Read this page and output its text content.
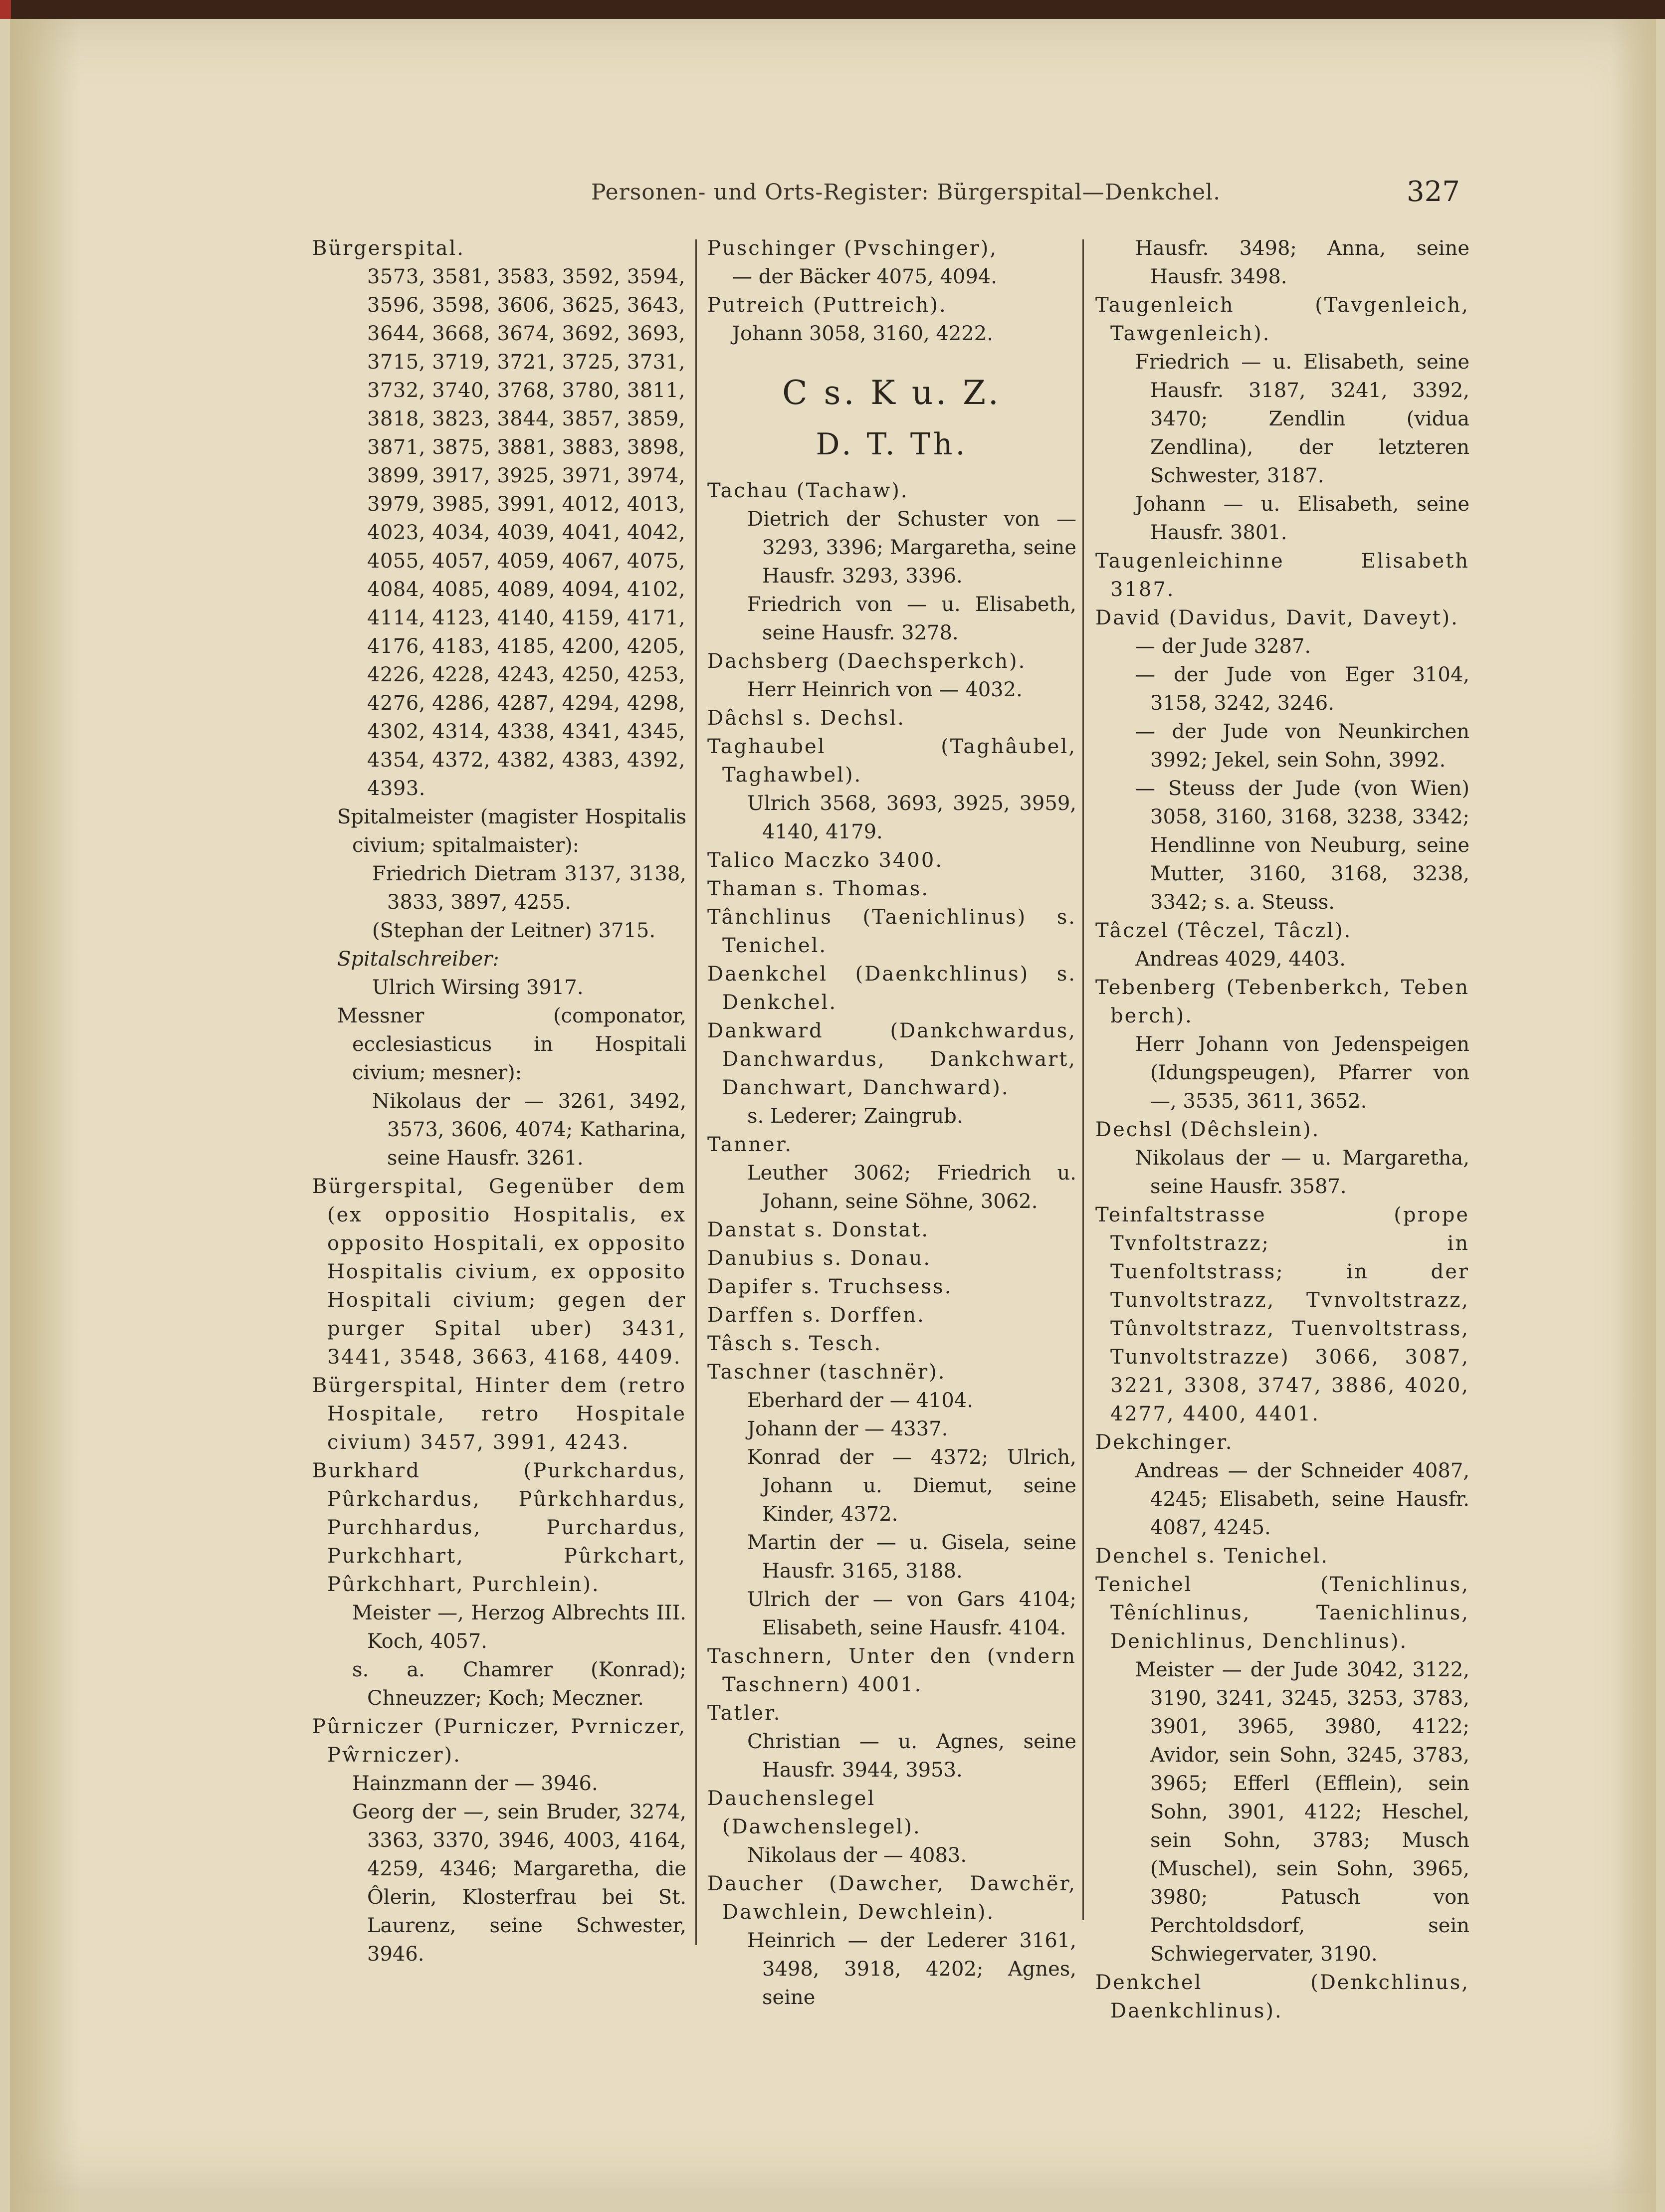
Personen- und Orts-Register: Bürgerspital—Denkchel.	327

Bürgerspital.

3573, 3581, 3583, 3592, 3594,

3596, 3598, 3606, 3625, 3643,

3644, 3668, 3674, 3692, 3693,

3715, 3719, 3721, 3725, 3731,

3732, 3740, 3768, 3780, 3811,

3818, 3823, 3844, 3857, 3859,

3871, 3875, 3881, 3883, 3898,

3899, 3917, 3925, 3971, 3974,

3979, 3985, 3991, 4012, 4013,

4023, 4034, 4039, 4041, 4042,

4055, 4057, 4059, 4067, 4075,

4084, 4085, 4089, 4094, 4102,

4114, 4123, 4140, 4159, 4171,

4176, 4183, 4185, 4200, 4205,

4226, 4228, 4243, 4250, 4253,

4276, 4286, 4287, 4294, 4298,

4302, 4314, 4338, 4341, 4345,

4354, 4372, 4382, 4383, 4392,

4393.

Spitalmeister (magister Hospitalis civium; spitalmaister):

Friedrich Dietram 3137, 3138, 3833, 3897, 4255.

(Stephan der Leitner) 3715.

Spitalschreiber:

Ulrich Wirsing 3917.

Messner (componator, ecclesiasticus in Hospitali civium; mesner):

Nikolaus der — 3261, 3492, 3573, 3606, 4074; Katharina, seine Hausfr. 3261.

Bürgerspital, Gegenüber dem (ex oppositio Hospitalis, ex opposito Hospitali, ex opposito Hospitalis civium, ex opposito Hospitali civium; gegen der purger Spital uber) 3431, 3441, 3548, 3663, 4168, 4409.

Bürgerspital, Hinter dem (retro Hospitale, retro Hospitale civium) 3457, 3991, 4243.

Burkhard (Purkchardus, Pûrkchardus, Pûrkchhardus, Purchhardus, Purchardus, Purkchhart, Pûrkchart, Pûrkchhart, Purchlein).

Meister —, Herzog Albrechts III. Koch, 4057.

s. a. Chamrer (Konrad); Chneuzzer; Koch; Meczner.

Pûrniczer (Purniczer, Pvrniczer, Pŵrniczer).

Hainzmann der — 3946.

Georg der —, sein Bruder, 3274, 3363, 3370, 3946, 4003, 4164, 4259, 4346; Margaretha, die Ôlerin, Klosterfrau bei St. Laurenz, seine Schwester, 3946.

Puschinger (Pvschinger),

— der Bäcker 4075, 4094.

Putreich (Puttreich).

Johann 3058, 3160, 4222.

C s. K u. Z.
D. T. Th.

Tachau (Tachaw).

Dietrich der Schuster von — 3293, 3396; Margaretha, seine Hausfr. 3293, 3396.

Friedrich von — u. Elisabeth, seine Hausfr. 3278.

Dachsberg (Daechsperkch).

Herr Heinrich von — 4032.

Dâchsl s. Dechsl.

Taghaubel (Taghâubel, Taghawbel).

Ulrich 3568, 3693, 3925, 3959, 4140, 4179.

Talico Maczko 3400.

Thaman s. Thomas.

Tânchlinus (Taenichlinus) s. Tenichel.

Daenkchel (Daenkchlinus) s. Denkchel.

Dankward (Dankchwardus, Danchwardus, Dankchwart, Danchwart, Danchward).

s. Lederer; Zaingrub.

Tanner.

Leuther 3062; Friedrich u. Johann, seine Söhne, 3062.

Danstat s. Donstat.

Danubius s. Donau.

Dapifer s. Truchsess.

Darffen s. Dorffen.

Tâsch s. Tesch.

Taschner (taschnër).

Eberhard der — 4104.

Johann der — 4337.

Konrad der — 4372; Ulrich, Johann u. Diemut, seine Kinder, 4372.

Martin der — u. Gisela, seine Hausfr. 3165, 3188.

Ulrich der — von Gars 4104; Elisabeth, seine Hausfr. 4104.

Taschnern, Unter den (vndern Taschnern) 4001.

Tatler.

Christian — u. Agnes, seine Hausfr. 3944, 3953.

Dauchenslegel (Dawchenslegel).

Nikolaus der — 4083.

Daucher (Dawcher, Dawchër, Dawchlein, Dewchlein).

Heinrich — der Lederer 3161, 3498, 3918, 4202; Agnes, seine

Hausfr. 3498; Anna, seine Hausfr. 3498.

Taugenleich (Tavgenleich, Tawgenleich).

Friedrich — u. Elisabeth, seine Hausfr. 3187, 3241, 3392, 3470; Zendlin (vidua Zendlina), der letzteren Schwester, 3187.

Johann — u. Elisabeth, seine Hausfr. 3801.

Taugenleichinne Elisabeth 3187.

David (Davidus, Davit, Daveyt).

— der Jude 3287.

— der Jude von Eger 3104, 3158, 3242, 3246.

— der Jude von Neunkirchen 3992; Jekel, sein Sohn, 3992.

— Steuss der Jude (von Wien) 3058, 3160, 3168, 3238, 3342; Hendlinne von Neuburg, seine Mutter, 3160, 3168, 3238, 3342; s. a. Steuss.

Tâczel (Têczel, Tâczl).

Andreas 4029, 4403.

Tebenberg (Tebenberkch, Teben berch).

Herr Johann von Jedenspeigen (Idungspeugen), Pfarrer von —, 3535, 3611, 3652.

Dechsl (Dêchslein).

Nikolaus der — u. Margaretha, seine Hausfr. 3587.

Teinfaltstrasse (prope Tvnfoltstrazz; in Tuenfoltstrass; in der Tunvoltstrazz, Tvnvoltstrazz, Tûnvoltstrazz, Tuenvoltstrass, Tunvoltstrazze) 3066, 3087, 3221, 3308, 3747, 3886, 4020, 4277, 4400, 4401.

Dekchinger.

Andreas — der Schneider 4087, 4245; Elisabeth, seine Hausfr. 4087, 4245.

Denchel s. Tenichel.

Tenichel (Tenichlinus, Têníchlinus, Taenichlinus, Denichlinus, Denchlinus).

Meister — der Jude 3042, 3122, 3190, 3241, 3245, 3253, 3783, 3901, 3965, 3980, 4122; Avidor, sein Sohn, 3245, 3783, 3965; Efferl (Efflein), sein Sohn, 3901, 4122; Heschel, sein Sohn, 3783; Musch (Muschel), sein Sohn, 3965, 3980; Patusch von Perchtoldsdorf, sein Schwiegervater, 3190.

Denkchel (Denkchlinus, Daenkchlinus).
